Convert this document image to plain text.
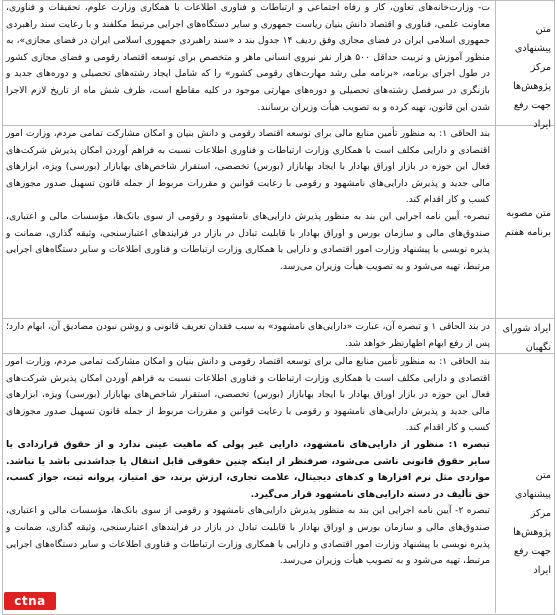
متن پیشنهادی مرکز پژوهش‌ها جهت رفع ایراد

ت- وزارت‌خانه‌های تعاون، کار و رفاه اجتماعی و ارتباطات و فناوری اطلاعات با همکاری وزارت علوم، تحقیقات و فناوری، معاونت علمی، فناوری و اقتصاد دانش بنیان ریاست جمهوری و سایر دستگاه‌های اجرایی مرتبط مکلفند و با رعایت سند راهبردی جمهوری اسلامی ایران در فضای مجازی وفق ردیف ۱۴ جدول بند د «سند راهبردی جمهوری اسلامی ایران در فضای مجازی»، به منظور آموزش و تربیت حداقل ۵۰۰ هزار نفر نیروی انسانی ماهر و متخصص برای توسعه اقتصاد رقومی و فضای مجازی کشور در طول اجرای برنامه، «برنامه ملی رشد مهارت‌های رقومی کشور» را که شامل ایجاد رشته‌های تحصیلی و دوره‌های جدید و بازنگری در سرفصل رشته‌های تحصیلی و دوره‌های مهارتی موجود در کلیه مقاطع است، ظرف شش ماه از تاریخ لازم الاجرا شدن این قانون، تهیه کرده و به تصویب هیأت وزیران برسانند.

متن مصوبه برنامه هفتم

بند الحاقی ۱: به منظور تأمین منابع مالی برای توسعه اقتصاد رقومی و دانش بنیان و امکان مشارکت تمامی مردم، وزارت امور اقتصادی و دارایی مکلف است با همکاری وزارت ارتباطات و فناوری اطلاعات نسبت به فراهم آوردن امکان پذیرش شرکت‌های فعال این حوزه در بازار اوراق بهادار با ایجاد بهابازار (بورس) تخصصی، استقرار شاخص‌های بهابازار (بورسی) ویژه، ابزارهای مالی جدید و پذیرش دارایی‌های نامشهود و رقومی با رعایت قوانین و مقررات مربوط از جمله قانون تسهیل صدور مجوزهای کسب و کار اقدام کند.

تبصره- آیین نامه اجرایی این بند به منظور پذیرش دارایی‌های نامشهود و رقومی از سوی بانک‌ها، مؤسسات مالی و اعتباری، صندوق‌های مالی و سازمان بورس و اوراق بهادار با قابلیت تبادل در بازار در فرایندهای اعتبارسنجی، وثیقه گذاری، ضمانت و پذیره نویسی با پیشنهاد وزارت امور اقتصادی و دارایی با همکاری وزارت ارتباطات و فناوری اطلاعات و سایر دستگاه‌های اجرایی مرتبط، تهیه می‌شود و به تصویب هیأت وزیران می‌رسد.

ایراد شورای نگهبان

در بند الحاقی ۱ و تبصره آن، عبارت «دارایی‌های نامشهود» به سبب فقدان تعریف قانونی و روشن نبودن مصادیق آن، ابهام دارد؛ پس از رفع ابهام اظهارنظر خواهد شد.

متن پیشنهادی مرکز پژوهش‌ها جهت رفع ایراد

بند الحاقی ۱: به منظور تأمین منابع مالی برای توسعه اقتصاد رقومی و دانش بنیان و امکان مشارکت تمامی مردم، وزارت امور اقتصادی و دارایی مکلف است با همکاری وزارت ارتباطات و فناوری اطلاعات نسبت به فراهم آوردن امکان پذیرش شرکت‌های فعال این حوزه در بازار اوراق بهادار با ایجاد بهابازار (بورس) تخصصی، استقرار شاخص‌های بهابازار (بورسی) ویژه، ابزارهای مالی جدید و پذیرش دارایی‌های نامشهود و رقومی با رعایت قوانین و مقررات مربوط از جمله قانون تسهیل صدور مجوزهای کسب و کار اقدام کند.

تبصره ۱: منظور از دارایی‌های نامشهود، دارایی غیر پولی که ماهیت عینی ندارد و از حقوق قراردادی یا سایر حقوق قانونی ناشی می‌شود، صرفنظر از اینکه چنین حقوقی قابل انتقال یا جداشدنی باشد یا نباشد. مواردی مثل نرم افزارها و کدهای دیجیتال، علامت تجاری، ارزش برند، حق امتیاز، پروانه ثبت، جواز کسب، حق تألیف در دسته دارایی‌های نامشهود قرار می‌گیرد.

تبصره ۲- آیین نامه اجرایی این بند به منظور پذیرش دارایی‌های نامشهود و رقومی از سوی بانک‌ها، مؤسسات مالی و اعتباری، صندوق‌های مالی و سازمان بورس و اوراق بهادار با قابلیت تبادل در بازار در فرایندهای اعتبارسنجی، وثیقه گذاری، ضمانت و پذیره نویسی با پیشنهاد وزارت امور اقتصادی و دارایی با همکاری وزارت ارتباطات و فناوری اطلاعات و سایر دستگاه‌های اجرایی مرتبط، تهیه می‌شود و به تصویب هیأت وزیران می‌رسد.

ctna
